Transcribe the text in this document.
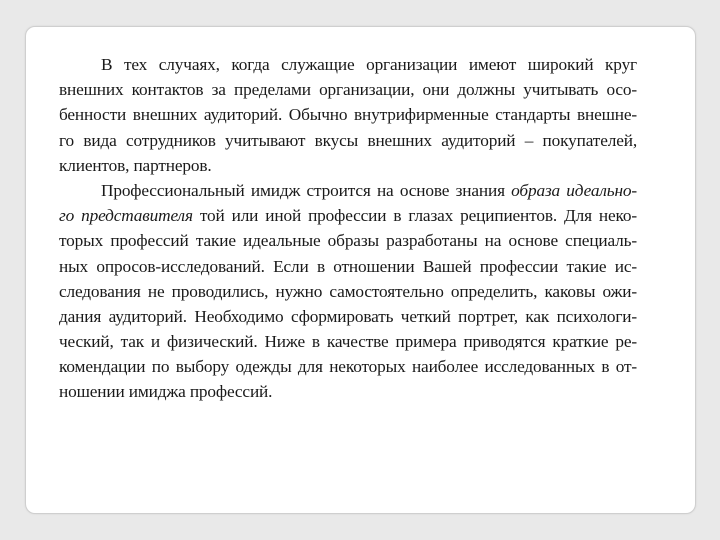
В тех случаях, когда служащие организации имеют широкий круг
внешних контактов за пределами организации, они должны учитывать осо-
бенности внешних аудиторий. Обычно внутрифирменные стандарты внешне-
го вида сотрудников учитывают вкусы внешних аудиторий – покупателей,
клиентов, партнеров.
Профессиональный имидж строится на основе знания образа идеально-
го представителя той или иной профессии в глазах реципиентов. Для неко-
торых профессий такие идеальные образы разработаны на основе специаль-
ных опросов-исследований. Если в отношении Вашей профессии такие ис-
следования не проводились, нужно самостоятельно определить, каковы ожи-
дания аудиторий. Необходимо сформировать четкий портрет, как психологи-
ческий, так и физический. Ниже в качестве примера приводятся краткие ре-
комендации по выбору одежды для некоторых наиболее исследованных в от-
ношении имиджа профессий.
